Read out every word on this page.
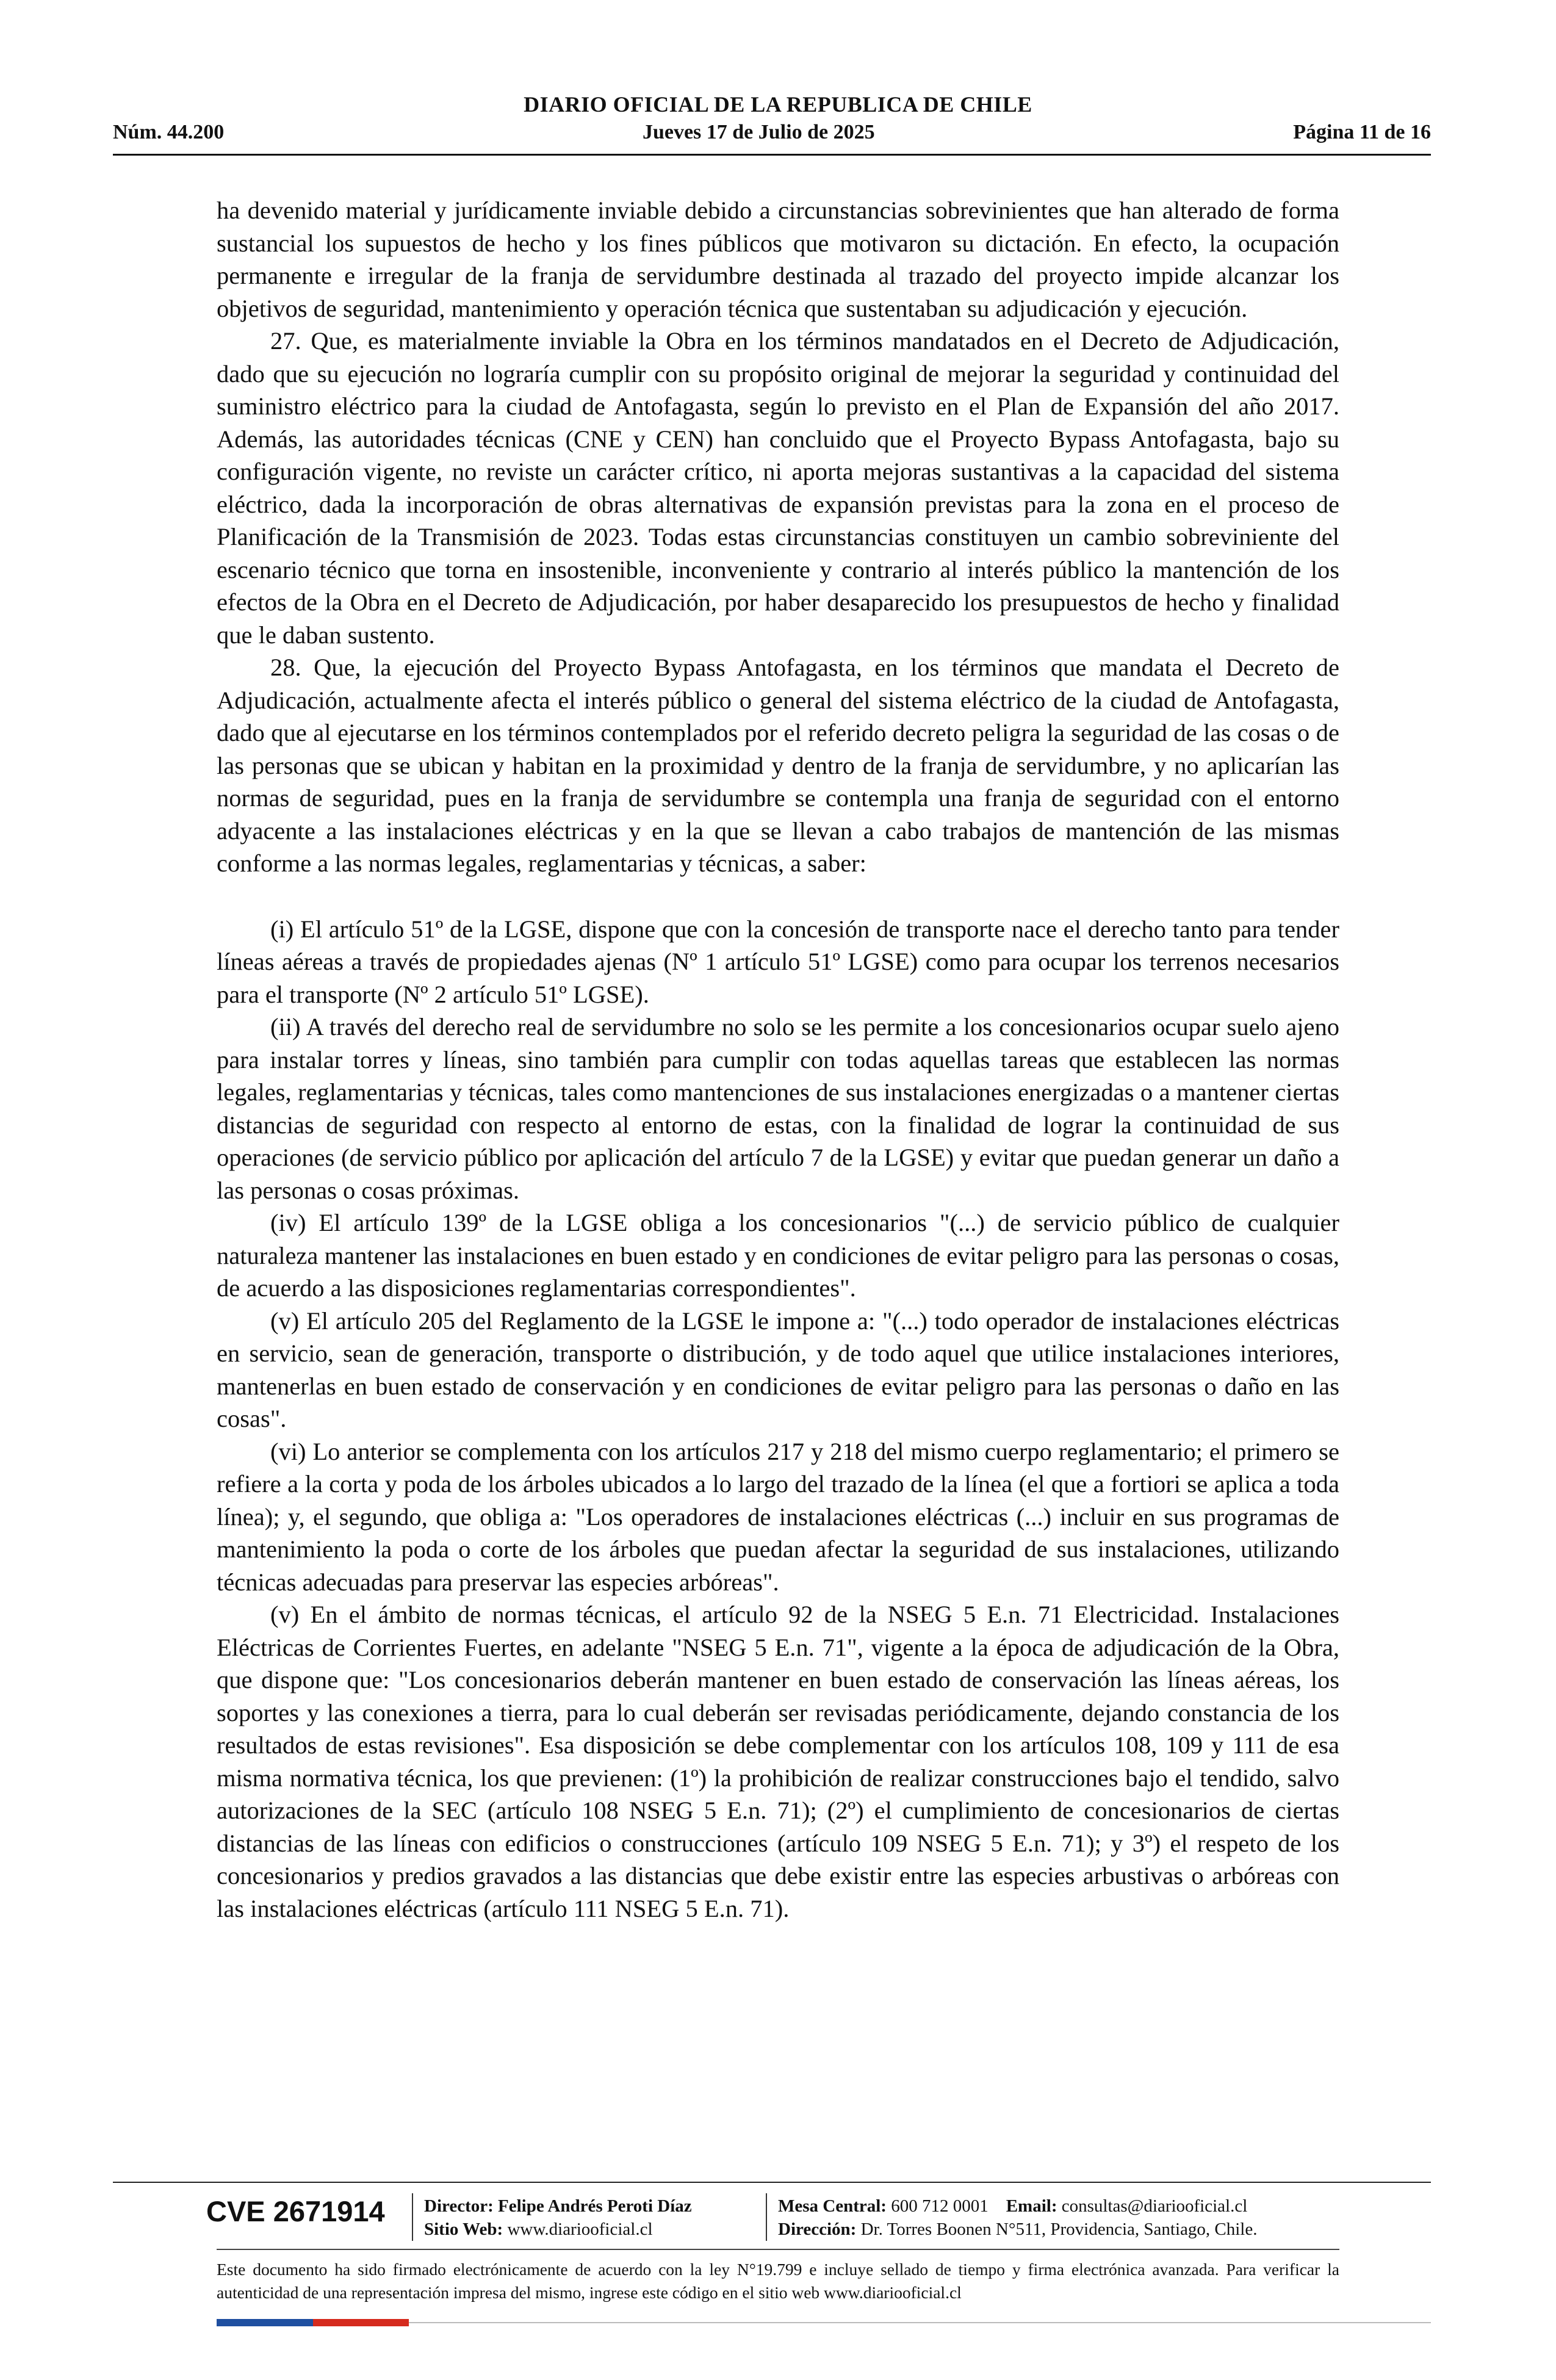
DIARIO OFICIAL DE LA REPUBLICA DE CHILE
Núm. 44.200	Jueves 17 de Julio de 2025	Página 11 de 16

ha devenido material y jurídicamente inviable debido a circunstancias sobrevinientes que han alterado de forma sustancial los supuestos de hecho y los fines públicos que motivaron su dictación. En efecto, la ocupación permanente e irregular de la franja de servidumbre destinada al trazado del proyecto impide alcanzar los objetivos de seguridad, mantenimiento y operación técnica que sustentaban su adjudicación y ejecución.

27. Que, es materialmente inviable la Obra en los términos mandatados en el Decreto de Adjudicación, dado que su ejecución no lograría cumplir con su propósito original de mejorar la seguridad y continuidad del suministro eléctrico para la ciudad de Antofagasta, según lo previsto en el Plan de Expansión del año 2017. Además, las autoridades técnicas (CNE y CEN) han concluido que el Proyecto Bypass Antofagasta, bajo su configuración vigente, no reviste un carácter crítico, ni aporta mejoras sustantivas a la capacidad del sistema eléctrico, dada la incorporación de obras alternativas de expansión previstas para la zona en el proceso de Planificación de la Transmisión de 2023. Todas estas circunstancias constituyen un cambio sobreviniente del escenario técnico que torna en insostenible, inconveniente y contrario al interés público la mantención de los efectos de la Obra en el Decreto de Adjudicación, por haber desaparecido los presupuestos de hecho y finalidad que le daban sustento.

28. Que, la ejecución del Proyecto Bypass Antofagasta, en los términos que mandata el Decreto de Adjudicación, actualmente afecta el interés público o general del sistema eléctrico de la ciudad de Antofagasta, dado que al ejecutarse en los términos contemplados por el referido decreto peligra la seguridad de las cosas o de las personas que se ubican y habitan en la proximidad y dentro de la franja de servidumbre, y no aplicarían las normas de seguridad, pues en la franja de servidumbre se contempla una franja de seguridad con el entorno adyacente a las instalaciones eléctricas y en la que se llevan a cabo trabajos de mantención de las mismas conforme a las normas legales, reglamentarias y técnicas, a saber:

(i) El artículo 51º de la LGSE, dispone que con la concesión de transporte nace el derecho tanto para tender líneas aéreas a través de propiedades ajenas (Nº 1 artículo 51º LGSE) como para ocupar los terrenos necesarios para el transporte (Nº 2 artículo 51º LGSE).

(ii) A través del derecho real de servidumbre no solo se les permite a los concesionarios ocupar suelo ajeno para instalar torres y líneas, sino también para cumplir con todas aquellas tareas que establecen las normas legales, reglamentarias y técnicas, tales como mantenciones de sus instalaciones energizadas o a mantener ciertas distancias de seguridad con respecto al entorno de estas, con la finalidad de lograr la continuidad de sus operaciones (de servicio público por aplicación del artículo 7 de la LGSE) y evitar que puedan generar un daño a las personas o cosas próximas.

(iv) El artículo 139º de la LGSE obliga a los concesionarios "(...) de servicio público de cualquier naturaleza mantener las instalaciones en buen estado y en condiciones de evitar peligro para las personas o cosas, de acuerdo a las disposiciones reglamentarias correspondientes".

(v) El artículo 205 del Reglamento de la LGSE le impone a: "(...) todo operador de instalaciones eléctricas en servicio, sean de generación, transporte o distribución, y de todo aquel que utilice instalaciones interiores, mantenerlas en buen estado de conservación y en condiciones de evitar peligro para las personas o daño en las cosas".

(vi) Lo anterior se complementa con los artículos 217 y 218 del mismo cuerpo reglamentario; el primero se refiere a la corta y poda de los árboles ubicados a lo largo del trazado de la línea (el que a fortiori se aplica a toda línea); y, el segundo, que obliga a: "Los operadores de instalaciones eléctricas (...) incluir en sus programas de mantenimiento la poda o corte de los árboles que puedan afectar la seguridad de sus instalaciones, utilizando técnicas adecuadas para preservar las especies arbóreas".

(v) En el ámbito de normas técnicas, el artículo 92 de la NSEG 5 E.n. 71 Electricidad. Instalaciones Eléctricas de Corrientes Fuertes, en adelante "NSEG 5 E.n. 71", vigente a la época de adjudicación de la Obra, que dispone que: "Los concesionarios deberán mantener en buen estado de conservación las líneas aéreas, los soportes y las conexiones a tierra, para lo cual deberán ser revisadas periódicamente, dejando constancia de los resultados de estas revisiones". Esa disposición se debe complementar con los artículos 108, 109 y 111 de esa misma normativa técnica, los que previenen: (1º) la prohibición de realizar construcciones bajo el tendido, salvo autorizaciones de la SEC (artículo 108 NSEG 5 E.n. 71); (2º) el cumplimiento de concesionarios de ciertas distancias de las líneas con edificios o construcciones (artículo 109 NSEG 5 E.n. 71); y 3º) el respeto de los concesionarios y predios gravados a las distancias que debe existir entre las especies arbustivas o arbóreas con las instalaciones eléctricas (artículo 111 NSEG 5 E.n. 71).

CVE 2671914 Director: Felipe Andrés Peroti Díaz
Sitio Web: www.diariooficial.cl
Mesa Central: 600 712 0001 Email: consultas@diariooficial.cl
Dirección: Dr. Torres Boonen N°511, Providencia, Santiago, Chile.
Este documento ha sido firmado electrónicamente de acuerdo con la ley N°19.799 e incluye sellado de tiempo y firma electrónica avanzada. Para verificar la autenticidad de una representación impresa del mismo, ingrese este código en el sitio web www.diariooficial.cl
